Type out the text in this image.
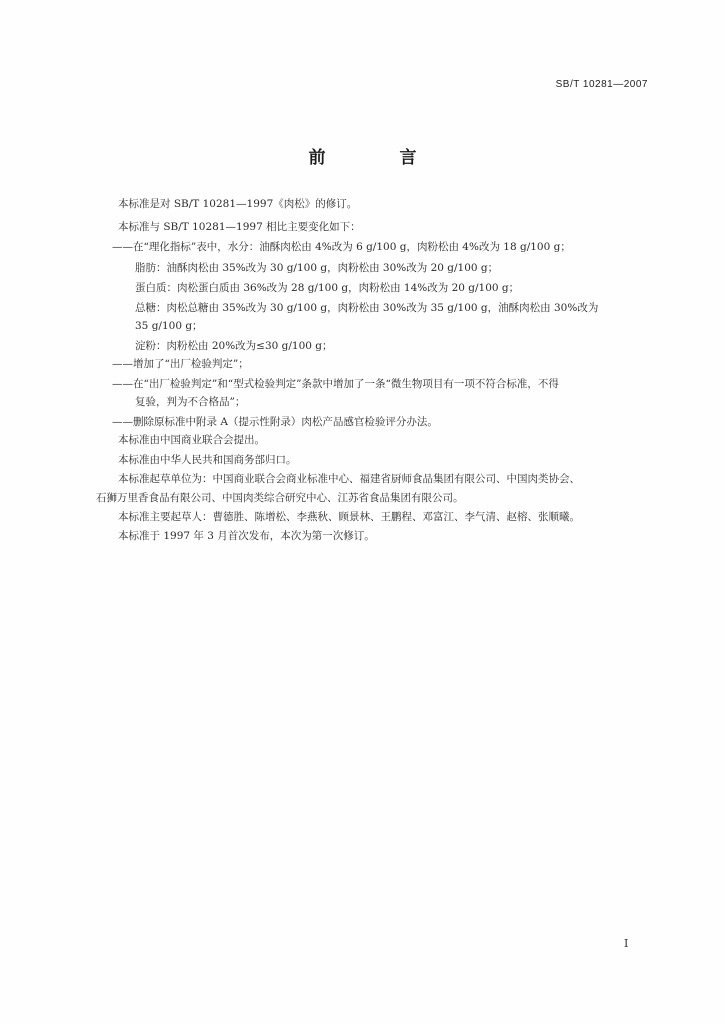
SB/T 10281—2007
前 言
本标准是对 SB/T 10281—1997《肉松》的修订。
本标准与 SB/T 10281—1997 相比主要变化如下：
——在“理化指标”表中，水分：油酥肉松由 4%改为 6 g/100 g，肉粉松由 4%改为 18 g/100 g；
脂肪：油酥肉松由 35%改为 30 g/100 g，肉粉松由 30%改为 20 g/100 g；
蛋白质：肉松蛋白质由 36%改为 28 g/100 g，肉粉松由 14%改为 20 g/100 g；
总糖：肉松总糖由 35%改为 30 g/100 g，肉粉松由 30%改为 35 g/100 g，油酥肉松由 30%改为
35 g/100 g；
淀粉：肉粉松由 20%改为≤30 g/100 g；
——增加了“出厂检验判定”；
——在“出厂检验判定”和“型式检验判定”条款中增加了一条“微生物项目有一项不符合标准，不得
复验，判为不合格品”；
——删除原标准中附录 A（提示性附录）肉松产品感官检验评分办法。
本标准由中国商业联合会提出。
本标准由中华人民共和国商务部归口。
本标准起草单位为：中国商业联合会商业标准中心、福建省厨师食品集团有限公司、中国肉类协会、
石狮万里香食品有限公司、中国肉类综合研究中心、江苏省食品集团有限公司。
本标准主要起草人：曹德胜、陈增松、李燕秋、顾景林、王鹏程、邓富江、李气清、赵榕、张顺曦。
本标准于 1997 年 3 月首次发布，本次为第一次修订。
I
